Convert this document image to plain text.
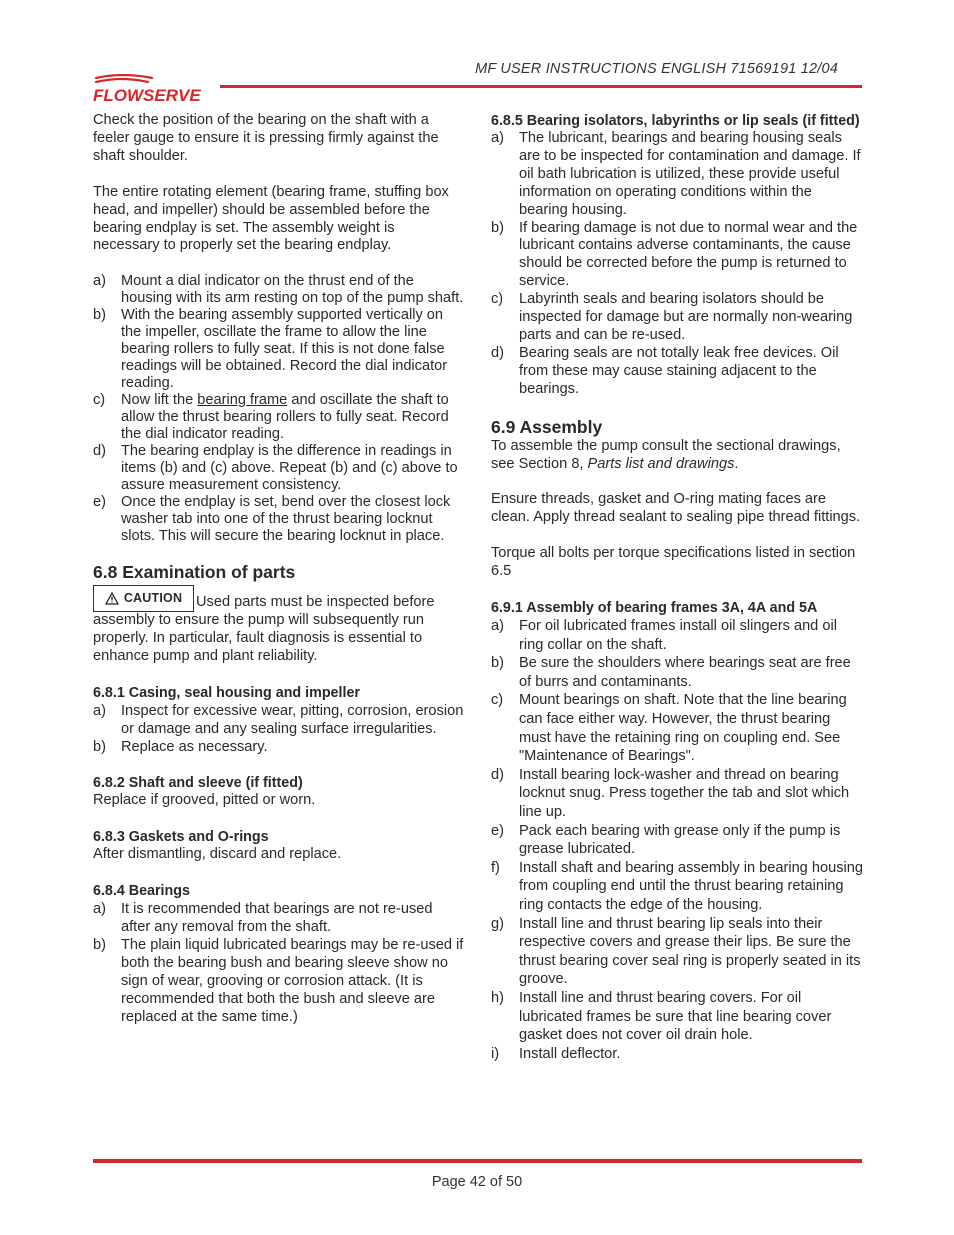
MF USER INSTRUCTIONS ENGLISH 71569191 12/04
FLOWSERVE

Check the position of the bearing on the shaft with a feeler gauge to ensure it is pressing firmly against the shaft shoulder.

The entire rotating element (bearing frame, stuffing box head, and impeller) should be assembled before the bearing endplay is set. The assembly weight is necessary to properly set the bearing endplay.

a)	Mount a dial indicator on the thrust end of the housing with its arm resting on top of the pump shaft.
b)	With the bearing assembly supported vertically on the impeller, oscillate the frame to allow the line bearing rollers to fully seat. If this is not done false readings will be obtained. Record the dial indicator reading.
c)	Now lift the bearing frame and oscillate the shaft to allow the thrust bearing rollers to fully seat. Record the dial indicator reading.
d)	The bearing endplay is the difference in readings in items (b) and (c) above. Repeat (b) and (c) above to assure measurement consistency.
e)	Once the endplay is set, bend over the closest lock washer tab into one of the thrust bearing locknut slots. This will secure the bearing locknut in place.
6.8 Examination of parts

CAUTION Used parts must be inspected before assembly to ensure the pump will subsequently run properly. In particular, fault diagnosis is essential to enhance pump and plant reliability.

6.8.1 Casing, seal housing and impeller
a)	Inspect for excessive wear, pitting, corrosion, erosion or damage and any sealing surface irregularities.
b)	Replace as necessary.
6.8.2 Shaft and sleeve (if fitted)

Replace if grooved, pitted or worn.

6.8.3 Gaskets and O-rings

After dismantling, discard and replace.

6.8.4 Bearings
a)	It is recommended that bearings are not re-used after any removal from the shaft.
b)	The plain liquid lubricated bearings may be re-used if both the bearing bush and bearing sleeve show no sign of wear, grooving or corrosion attack. (It is recommended that both the bush and sleeve are replaced at the same time.)
6.8.5 Bearing isolators, labyrinths or lip seals (if fitted)
a)	The lubricant, bearings and bearing housing seals are to be inspected for contamination and damage. If oil bath lubrication is utilized, these provide useful information on operating conditions within the bearing housing.
b)	If bearing damage is not due to normal wear and the lubricant contains adverse contaminants, the cause should be corrected before the pump is returned to service.
c)	Labyrinth seals and bearing isolators should be inspected for damage but are normally non-wearing parts and can be re-used.
d)	Bearing seals are not totally leak free devices. Oil from these may cause staining adjacent to the bearings.
6.9 Assembly

To assemble the pump consult the sectional drawings, see Section 8, Parts list and drawings.

Ensure threads, gasket and O-ring mating faces are clean. Apply thread sealant to sealing pipe thread fittings.

Torque all bolts per torque specifications listed in section 6.5

6.9.1 Assembly of bearing frames 3A, 4A and 5A
a)	For oil lubricated frames install oil slingers and oil ring collar on the shaft.
b)	Be sure the shoulders where bearings seat are free of burrs and contaminants.
c)	Mount bearings on shaft. Note that the line bearing can face either way. However, the thrust bearing must have the retaining ring on coupling end. See "Maintenance of Bearings".
d)	Install bearing lock-washer and thread on bearing locknut snug. Press together the tab and slot which line up.
e)	Pack each bearing with grease only if the pump is grease lubricated.
f)	Install shaft and bearing assembly in bearing housing from coupling end until the thrust bearing retaining ring contacts the edge of the housing.
g)	Install line and thrust bearing lip seals into their respective covers and grease their lips. Be sure the thrust bearing cover seal ring is properly seated in its groove.
h)	Install line and thrust bearing covers. For oil lubricated frames be sure that line bearing cover gasket does not cover oil drain hole.
i)	Install deflector.
Page 42 of 50
